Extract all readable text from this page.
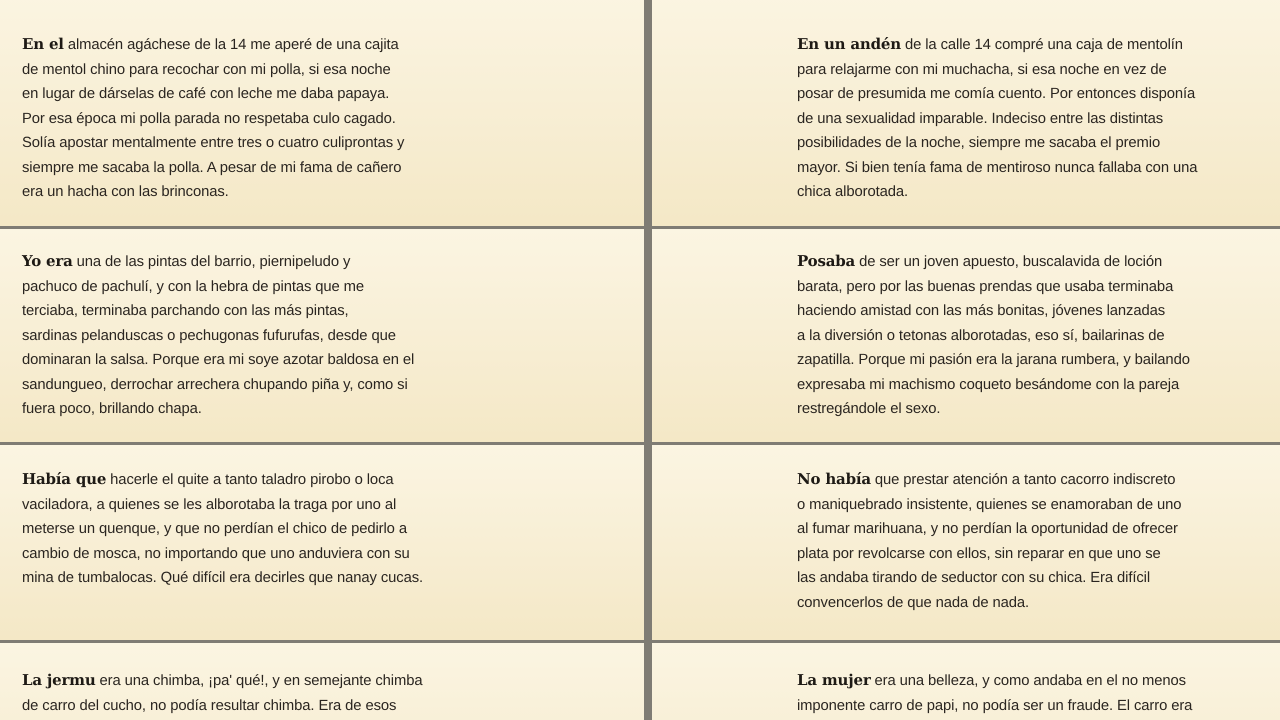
En el almacén agáchese de la 14 me aperé de una cajita
de mentol chino para recochar con mi polla, si esa noche
en lugar de dárselas de café con leche me daba papaya.
Por esa época mi polla parada no respetaba culo cagado.
Solía apostar mentalmente entre tres o cuatro culiprontas y
siempre me sacaba la polla. A pesar de mi fama de cañero
era un hacha con las brinconas.

En un andén de la calle 14 compré una caja de mentolín
para relajarme con mi muchacha, si esa noche en vez de
posar de presumida me comía cuento. Por entonces disponía
de una sexualidad imparable. Indeciso entre las distintas
posibilidades de la noche, siempre me sacaba el premio
mayor. Si bien tenía fama de mentiroso nunca fallaba con una
chica alborotada.

Yo era una de las pintas del barrio, piernipeludo y
pachuco de pachulí, y con la hebra de pintas que me
terciaba, terminaba parchando con las más pintas,
sardinas pelanduscas o pechugonas fufurufas, desde que
dominaran la salsa. Porque era mi soye azotar baldosa en el
sandungueo, derrochar arrechera chupando piña y, como si
fuera poco, brillando chapa.

Posaba de ser un joven apuesto, buscalavida de loción
barata, pero por las buenas prendas que usaba terminaba
haciendo amistad con las más bonitas, jóvenes lanzadas
a la diversión o tetonas alborotadas, eso sí, bailarinas de
zapatilla. Porque mi pasión era la jarana rumbera, y bailando
expresaba mi machismo coqueto besándome con la pareja
restregándole el sexo.

Había que hacerle el quite a tanto taladro pirobo o loca
vaciladora, a quienes se les alborotaba la traga por uno al
meterse un quenque, y que no perdían el chico de pedirlo a
cambio de mosca, no importando que uno anduviera con su
mina de tumbalocas. Qué difícil era decirles que nanay cucas.

No había que prestar atención a tanto cacorro indiscreto
o maniquebrado insistente, quienes se enamoraban de uno
al fumar marihuana, y no perdían la oportunidad de ofrecer
plata por revolcarse con ellos, sin reparar en que uno se
las andaba tirando de seductor con su chica. Era difícil
convencerlos de que nada de nada.

La jermu era una chimba, ¡pa' qué!, y en semejante chimba
de carro del cucho, no podía resultar chimba. Era de esos

La mujer era una belleza, y como andaba en el no menos
imponente carro de papi, no podía ser un fraude. El carro era
